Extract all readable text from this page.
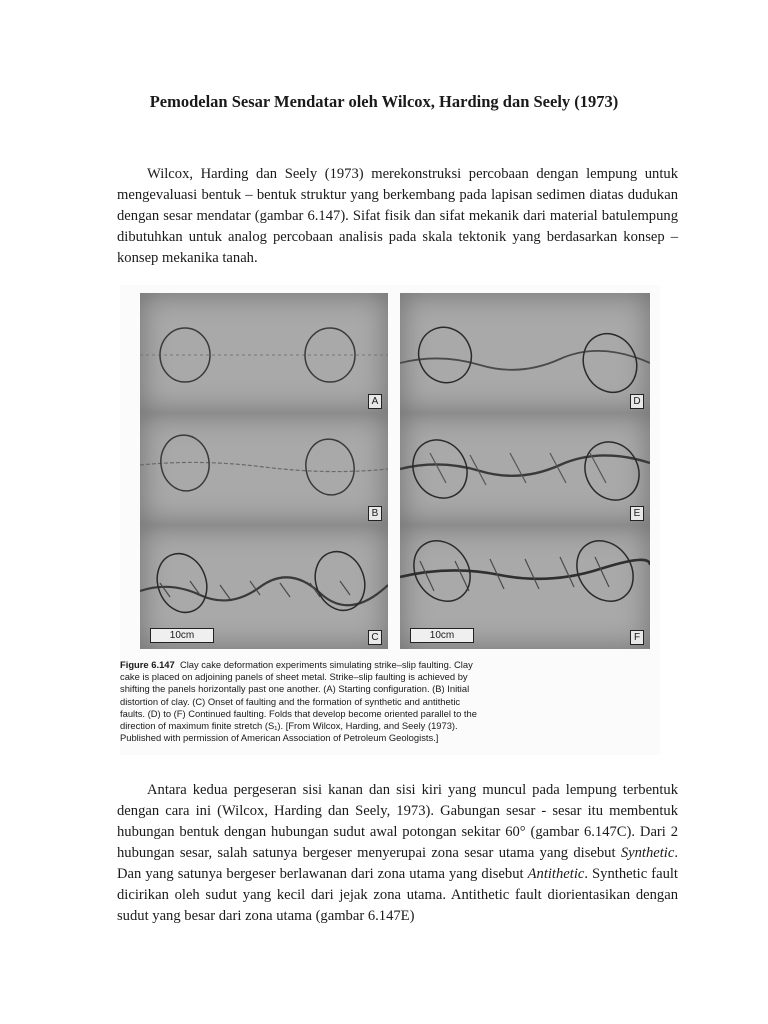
Pemodelan Sesar Mendatar oleh Wilcox, Harding dan Seely (1973)

Wilcox, Harding dan Seely (1973) merekonstruksi percobaan dengan lempung untuk mengevaluasi bentuk – bentuk struktur yang berkembang pada lapisan sedimen diatas dudukan dengan sesar mendatar (gambar 6.147). Sifat fisik dan sifat mekanik dari material batulempung dibutuhkan untuk analog percobaan analisis pada skala tektonik yang berdasarkan konsep – konsep mekanika tanah.

A
B
10cm	C
D
E
10cm	F
Figure 6.147 Clay cake deformation experiments simulating strike–slip faulting. Clay cake is placed on adjoining panels of sheet metal. Strike–slip faulting is achieved by shifting the panels horizontally past one another. (A) Starting configuration. (B) Initial distortion of clay. (C) Onset of faulting and the formation of synthetic and antithetic faults. (D) to (F) Continued faulting. Folds that develop become oriented parallel to the direction of maximum finite stretch (S₁). [From Wilcox, Harding, and Seely (1973). Published with permission of American Association of Petroleum Geologists.]

Antara kedua pergeseran sisi kanan dan sisi kiri yang muncul pada lempung terbentuk dengan cara ini (Wilcox, Harding dan Seely, 1973). Gabungan sesar - sesar itu membentuk hubungan bentuk dengan hubungan sudut awal potongan sekitar 60° (gambar 6.147C). Dari 2 hubungan sesar, salah satunya bergeser menyerupai zona sesar utama yang disebut Synthetic. Dan yang satunya bergeser berlawanan dari zona utama yang disebut Antithetic. Synthetic fault dicirikan oleh sudut yang kecil dari jejak zona utama. Antithetic fault diorientasikan dengan sudut yang besar dari zona utama (gambar 6.147E)
